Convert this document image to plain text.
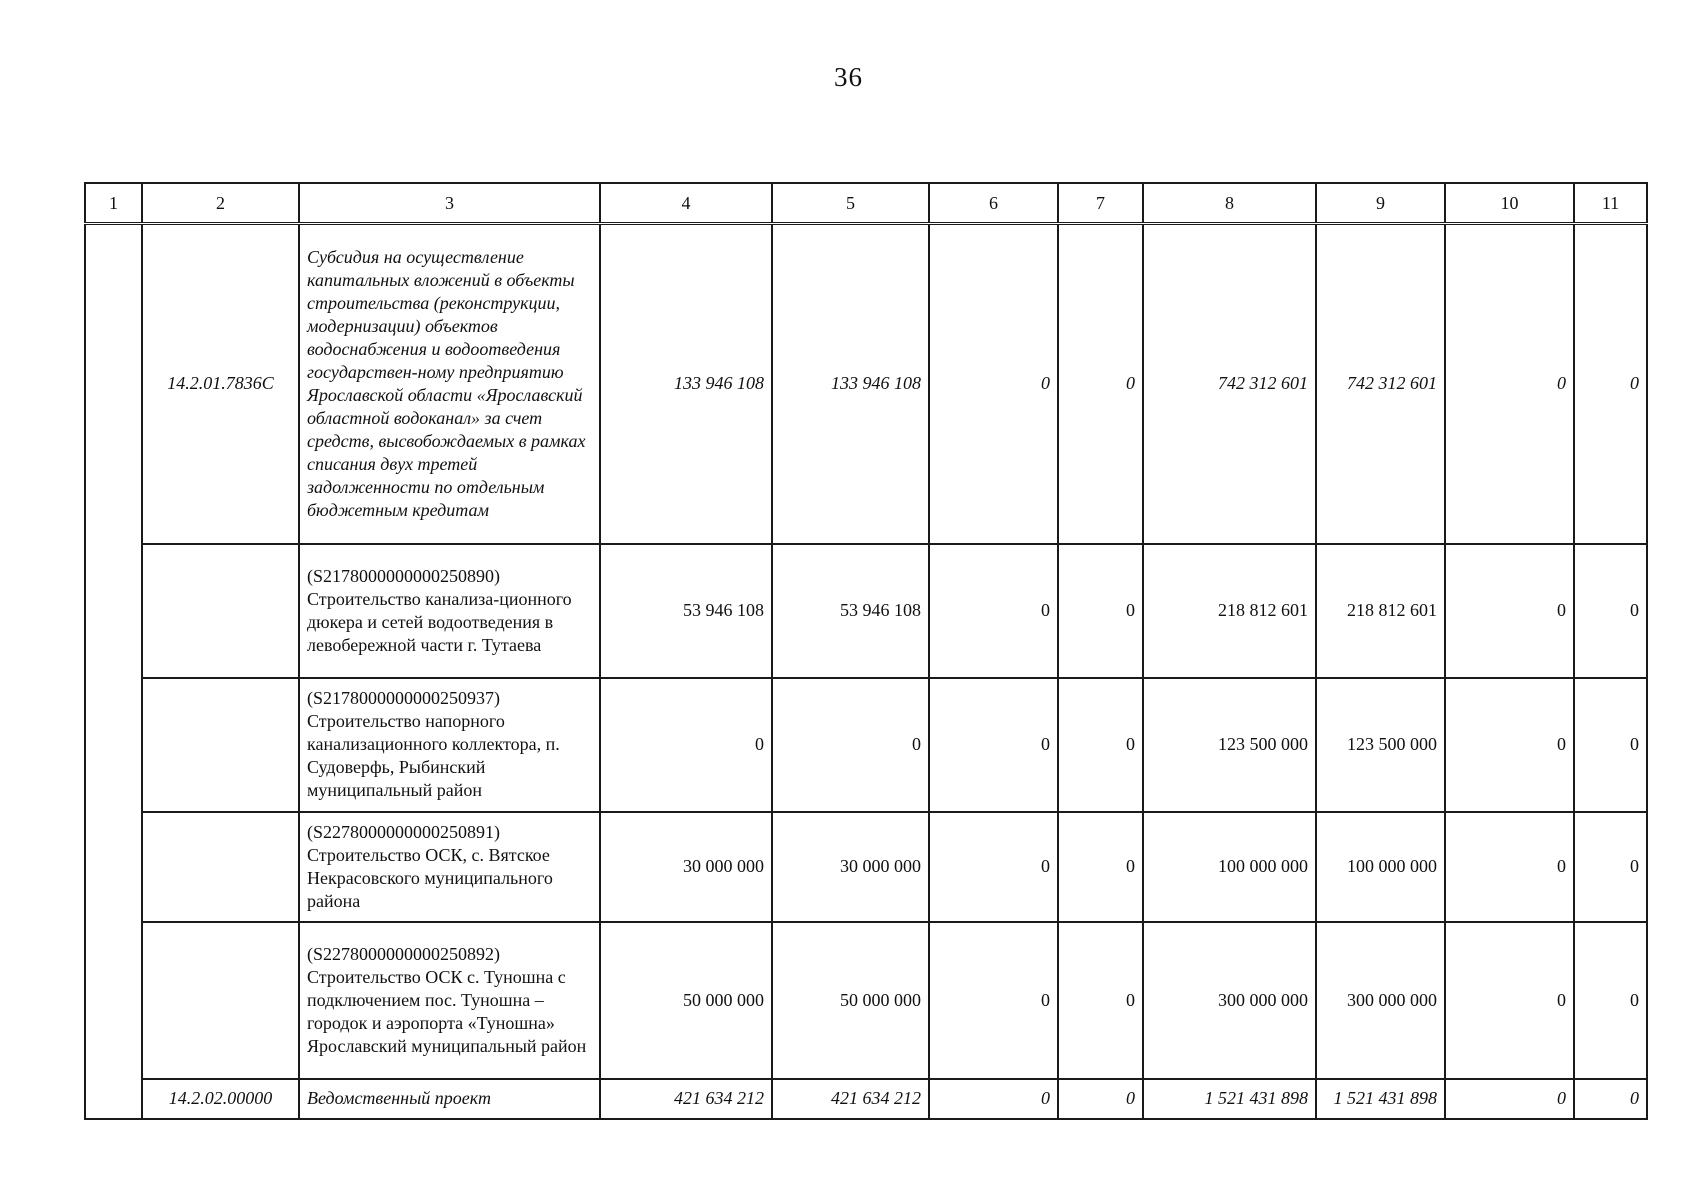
36
1	2	3	4	5	6	7	8	9	10	11
	14.2.01.7836С	Субсидия на осуществление капитальных вложений в объекты строительства (реконструкции, модернизации) объектов водоснабжения и водоотведения государствен-ному предприятию Ярославской области «Ярославский областной водоканал» за счет средств, высвобождаемых в рамках списания двух третей задолженности по отдельным бюджетным кредитам	133 946 108	133 946 108	0	0	742 312 601	742 312 601	0	0
		(S2178000000000250890) Строительство канализа-ционного дюкера и сетей водоотведения в левобережной части г. Тутаева	53 946 108	53 946 108	0	0	218 812 601	218 812 601	0	0
		(S2178000000000250937) Строительство напорного канализационного коллектора, п. Судоверфь, Рыбинский муниципальный район	0	0	0	0	123 500 000	123 500 000	0	0
		(S2278000000000250891) Строительство ОСК, с. Вятское Некрасовского муниципального района	30 000 000	30 000 000	0	0	100 000 000	100 000 000	0	0
		(S2278000000000250892) Строительство ОСК с. Туношна с подключением пос. Туношна – городок и аэропорта «Туношна» Ярославский муниципальный район	50 000 000	50 000 000	0	0	300 000 000	300 000 000	0	0
	14.2.02.00000	Ведомственный проект	421 634 212	421 634 212	0	0	1 521 431 898	1 521 431 898	0	0
